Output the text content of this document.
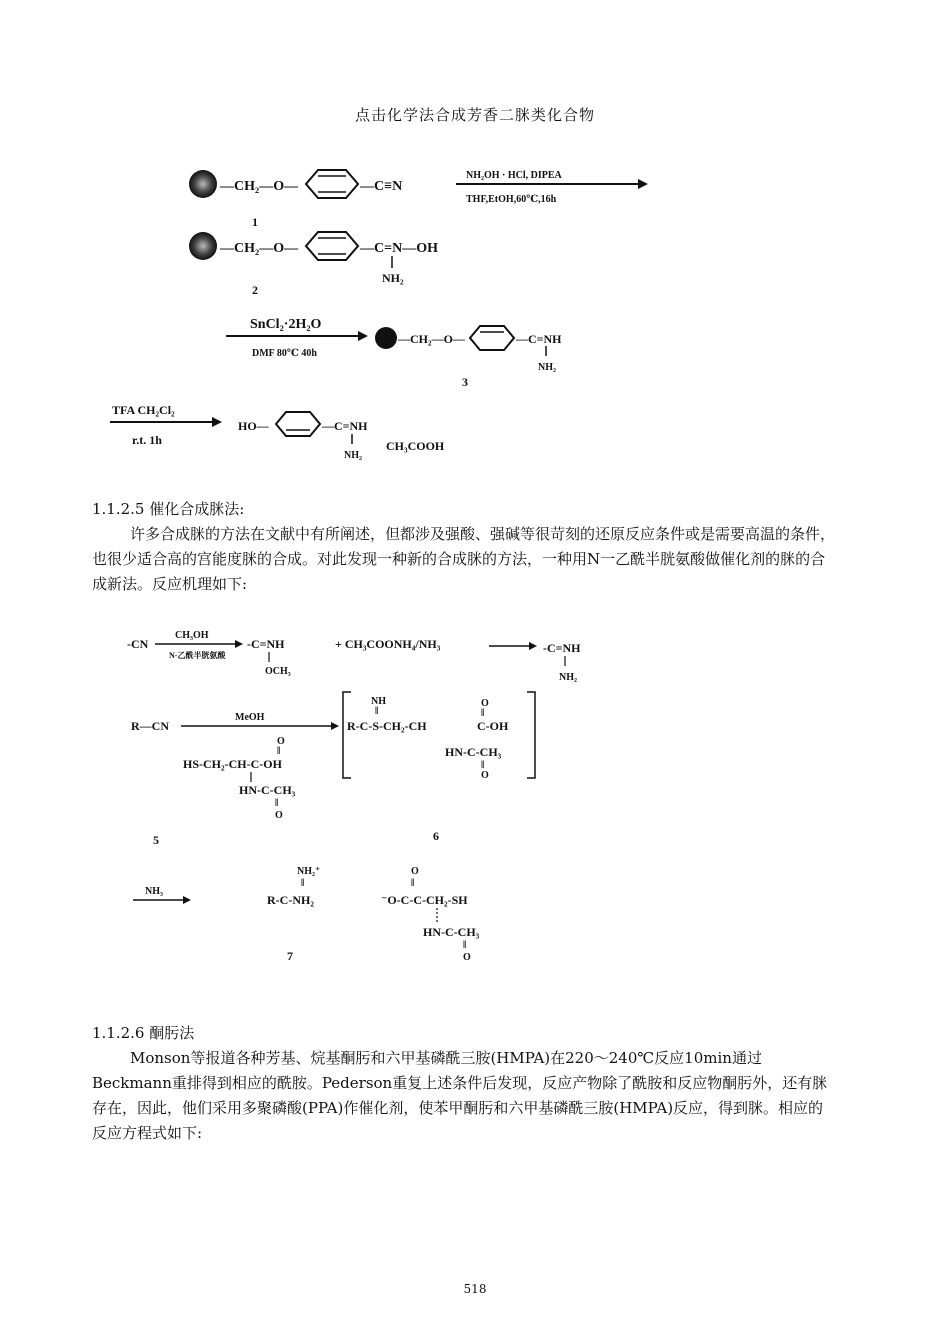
点击化学法合成芳香二脒类化合物
—CH₂—O—	—C≡N
NH₂OH · HCl, DIPEA
THF,EtOH,60℃,16h
1
—CH₂—O—	—C=N—OH
NH₂
2
SnCl₂·2H₂O
DMF 80℃ 40h
—CH₂—O—	—C=NH
NH₂
3
TFA CH₂Cl₂
r.t. 1h
HO—	—C=NH
NH₂
CH₃COOH
1.1.2.5 催化合成脒法:

许多合成脒的方法在文献中有所阐述，但都涉及强酸、强碱等很苛刻的还原反应条件或是需要高温的条件，也很少适合高的宫能度脒的合成。对此发现一种新的合成脒的方法，一种用N一乙酰半胱氨酸做催化剂的脒的合成新法。反应机理如下:

-CN
CH₃OH
N-乙酰半胱氨酸
-C=NH
OCH₃
+ CH₃COONH₄/NH₃	-C=NH
NH₂
R—CN
MeOH
HS-CH₂-CH-C-OH
O
‖
HN-C-CH₃
‖
O
NH
‖
R-C-S-CH₂-CH
O
‖
C-OH
HN-C-CH₃
‖
O
5	6
NH₃
NH₂⁺
‖
R-C-NH₂
O
‖
⁻O-C-C-CH₂-SH
HN-C-CH₃
‖
O
7
1.1.2.6 酮肟法

Monson等报道各种芳基、烷基酮肟和六甲基磷酰三胺(HMPA)在220～240℃反应10min通过Beckmann重排得到相应的酰胺。Pederson重复上述条件后发现，反应产物除了酰胺和反应物酮肟外，还有脒存在，因此，他们采用多聚磷酸(PPA)作催化剂，使苯甲酮肟和六甲基磷酰三胺(HMPA)反应，得到脒。相应的反应方程式如下:

518
